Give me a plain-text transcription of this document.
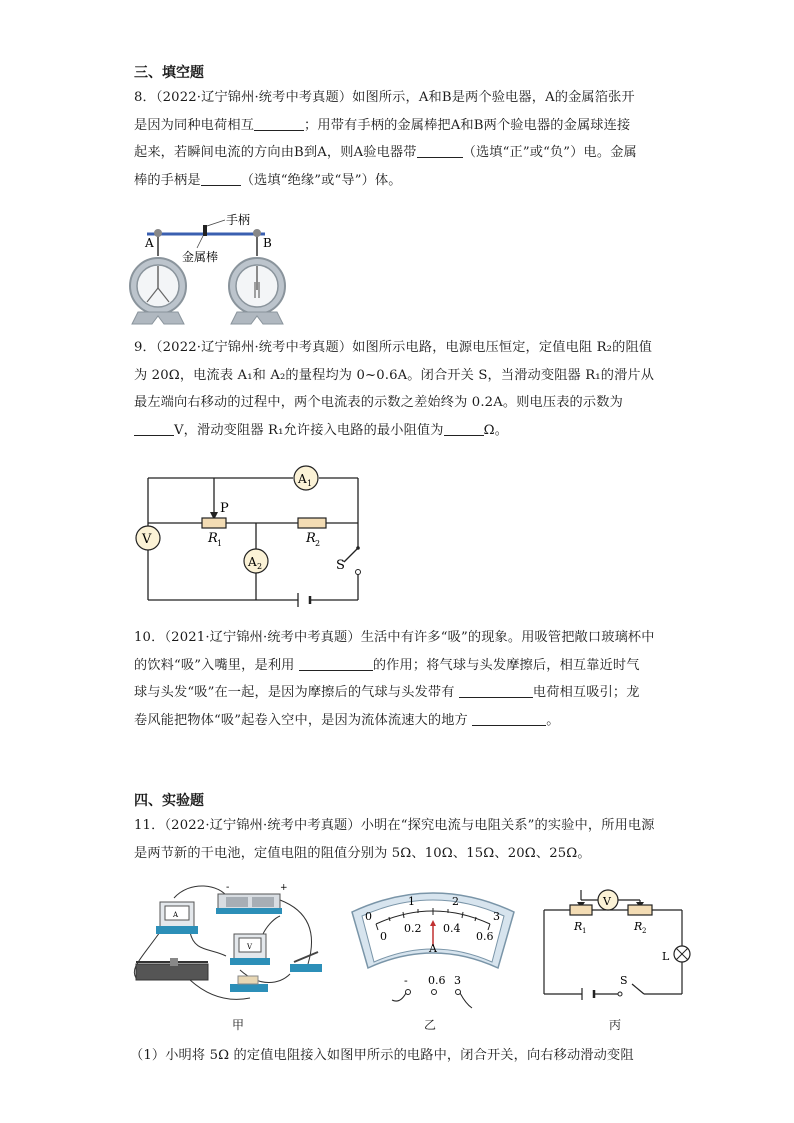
三、填空题
8．（2022·辽宁锦州·统考中考真题）如图所示，A和B是两个验电器，A的金属箔张开
是因为同种电荷相互	；用带有手柄的金属棒把A和B两个验电器的金属球连接
起来，若瞬间电流的方向由B到A，则A验电器带	（选填“正”或“负”）电。金属
棒的手柄是	（选填“绝缘”或“导”）体。
手柄
金属棒
A	B
9．（2022·辽宁锦州·统考中考真题）如图所示电路，电源电压恒定，定值电阻 R₂的阻值
为 20Ω，电流表 A₁和 A₂的量程均为 0~0.6A。闭合开关 S，当滑动变阻器 R₁的滑片从
最左端向右移动的过程中，两个电流表的示数之差始终为 0.2A。则电压表的示数为
V，滑动变阻器 R₁允许接入电路的最小阻值为	Ω。
V
A 1
A 2
P
R 1	R 2
S
10．（2021·辽宁锦州·统考中考真题）生活中有许多“吸”的现象。用吸管把敞口玻璃杯中
的饮料“吸”入嘴里，是利用	的作用；将气球与头发摩擦后，相互靠近时气
球与头发“吸”在一起，是因为摩擦后的气球与头发带有	电荷相互吸引；龙
卷风能把物体“吸”起卷入空中，是因为流体流速大的地方	。
四、实验题
11．（2022·辽宁锦州·统考中考真题）小明在“探究电流与电阻关系”的实验中，所用电源
是两节新的干电池，定值电阻的阻值分别为 5Ω、10Ω、15Ω、20Ω、25Ω。
A
-	+
V
甲
0
1	2
3
0
0.2 0.4
0.6
A
- 0.6 3
乙
V
R 1	R 2
L
S
丙
（1）小明将 5Ω 的定值电阻接入如图甲所示的电路中，闭合开关，向右移动滑动变阻
